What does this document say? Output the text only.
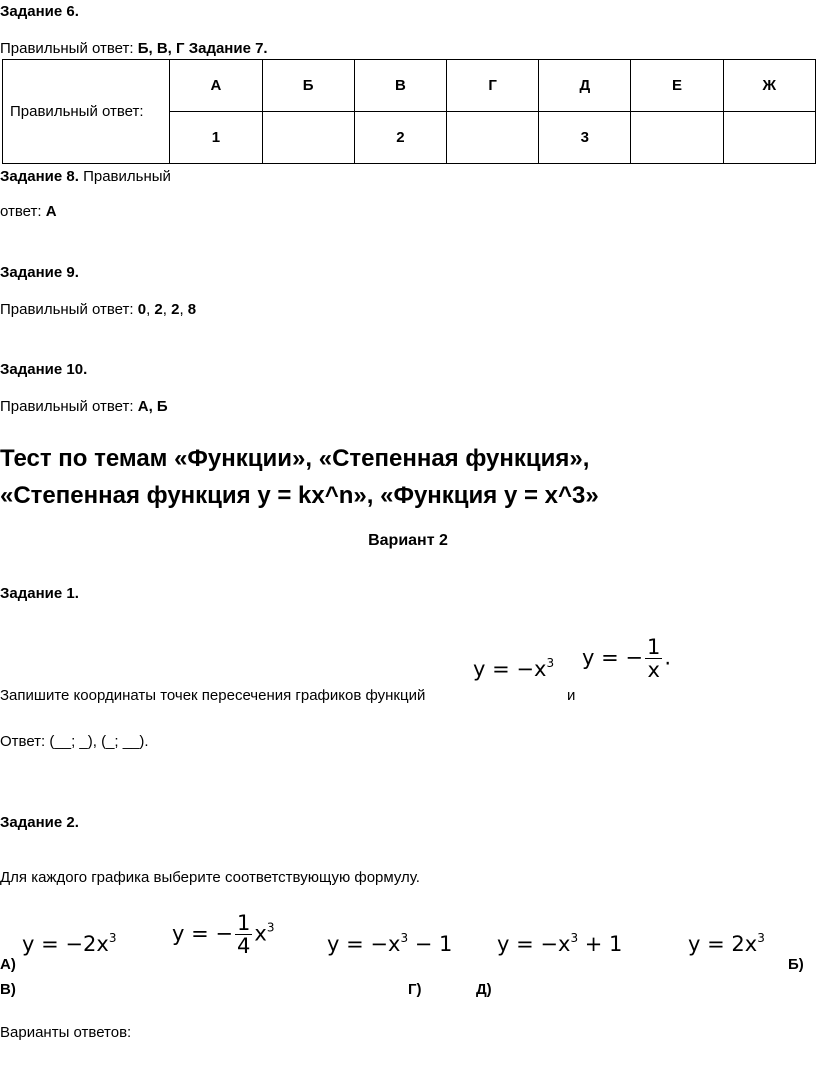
Задание 6.
Правильный ответ: Б, В, Г Задание 7.
Правильный ответ:	А	Б	В	Г	Д	Е	Ж
	1		2		3		
Задание 8. Правильный
ответ: А
Задание 9.
Правильный ответ: 0, 2, 2, 8
Задание 10.
Правильный ответ: А, Б
Тест по темам «Функции», «Степенная функция»,
«Степенная функция y = kx^n», «Функция y = x^3»
Вариант 2
Задание 1.
$y = -x^3$ y = − $\frac{1}{x}$ .
Запишите координаты точек пересечения графиков функций	и
Ответ: (__; _), (_; __).
Задание 2.
Для каждого графика выберите соответствующую формулу.
$y = -2x^3$	y = − $\frac{1}{4} x^3$
$y = -x^3 - 1$ $y = -x^3 + 1$	$y = 2x^3$
А)	Б)
В)	Г)	Д)
Варианты ответов:
